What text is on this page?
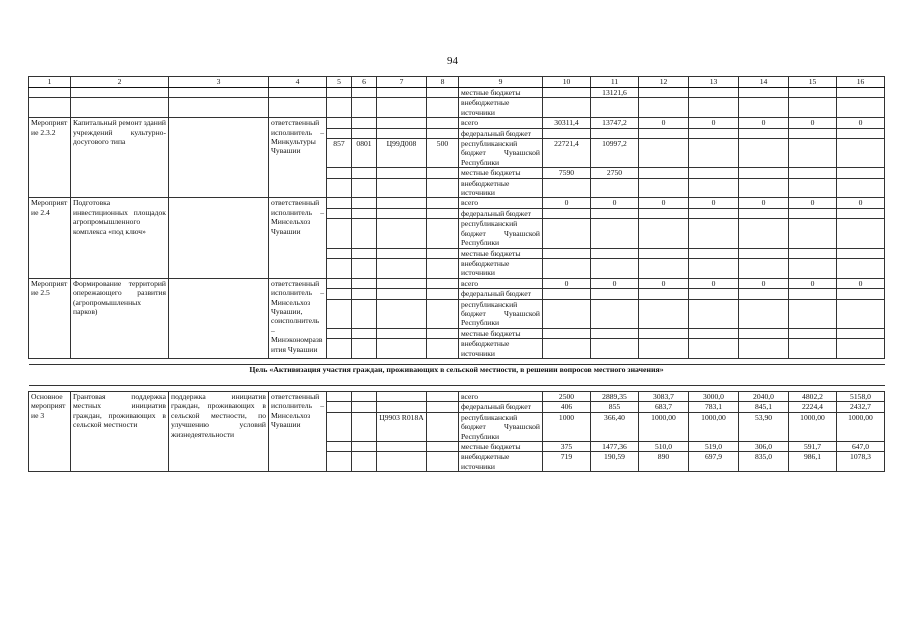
94
1	2	3	4	5	6	7	8	9	10	11	12	13	14	15	16
								местные бюджеты		13121,6					
								внебюджетные источники							
Мероприятие 2.3.2	Капитальный ремонт зданий учреждений культурно-досугового типа		ответственный исполнитель – Минкультуры Чувашии					всего	30311,4	13747,2	0	0	0	0	0
								федеральный бюджет							
				857	0801	Ц99Д008	500	республиканский бюджет Чувашской Республики	22721,4	10997,2					
								местные бюджеты	7590	2750					
								внебюджетные источники							
Мероприятие 2.4	Подготовка инвестиционных площадок агропромышленного комплекса «под ключ»		ответственный исполнитель – Минсельхоз Чувашии					всего	0	0	0	0	0	0	0
								федеральный бюджет							
								республиканский бюджет Чувашской Республики							
								местные бюджеты							
								внебюджетные источники							
Мероприятие 2.5	Формирование территорий опережающего развития (агропромышленных парков)		ответственный исполнитель – Минсельхоз Чувашии, соисполнитель – Минэкономразвития Чувашии					всего	0	0	0	0	0	0	0
								федеральный бюджет							
								республиканский бюджет Чувашской Республики							
								местные бюджеты							
								внебюджетные источники							

Цель «Активизация участия граждан, проживающих в сельской местности, в решении вопросов местного значения»															

Основное мероприятие 3	Грантовая поддержка местных инициатив граждан, проживающих в сельской местности	поддержка инициатив граждан, проживающих в сельской местности, по улучшению условий жизнедеятельности	ответственный исполнитель – Минсельхоз Чувашии					всего	2500	2889,35	3083,7	3000,0	2040,0	4802,2	5158,0
								федеральный бюджет	406	855	683,7	783,1	845,1	2224,4	2432,7
						Ц9903 R018A		республиканский бюджет Чувашской Республики	1000	366,40	1000,00	1000,00	53,90	1000,00	1000,00
								местные бюджеты	375	1477,36	510,0	519,0	306,0	591,7	647,0
								внебюджетные источники	719	190,59	890	697,9	835,0	986,1	1078,3
